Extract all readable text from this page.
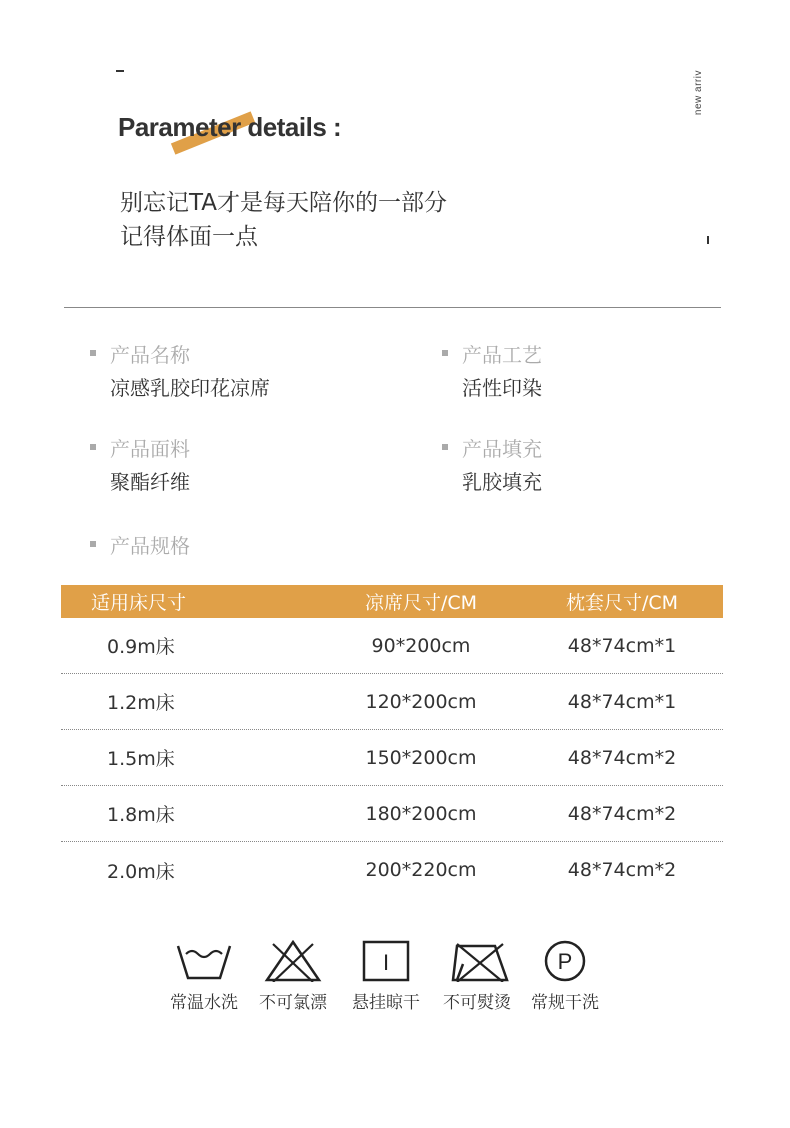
new arriv
Parameter details :
别忘记TA才是每天陪你的一部分
记得体面一点
产品名称
凉感乳胶印花凉席
产品工艺
活性印染
产品面料
聚酯纤维
产品填充
乳胶填充
产品规格
适用床尺寸	凉席尺寸/CM	枕套尺寸/CM
0.9m床	90*200cm	48*74cm*1
1.2m床	120*200cm	48*74cm*1
1.5m床	150*200cm	48*74cm*2
1.8m床	180*200cm	48*74cm*2
2.0m床	200*220cm	48*74cm*2
常温水洗 不可氯漂
I
悬挂晾干 不可熨烫
P
常规干洗
